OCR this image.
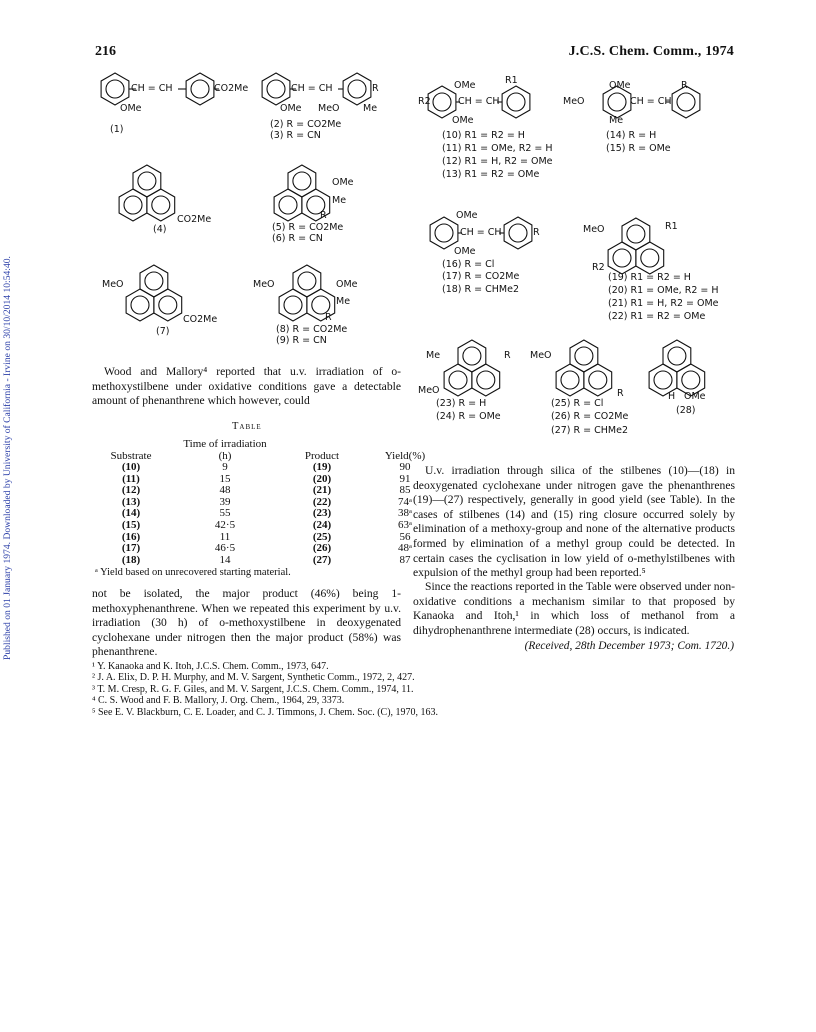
Published on 01 January 1974. Downloaded by University of California - Irvine on 30/10/2014 10:54:40.
216	J.C.S. Chem. Comm., 1974
CH = CH	CO2Me
OMe
(1)
CH = CH	R
OMe MeO Me
(2) R = CO2Me
(3) R = CN
CO2Me
(4)
OMe
Me
R
(5) R = CO2Me
(6) R = CN
MeO
CO2Me
(7)
MeO	OMe
Me
R
(8) R = CO2Me
(9) R = CN
OMe	R1
R2	CH = CH
OMe
(10) R1 = R2 = H
(11) R1 = OMe, R2 = H
(12) R1 = H, R2 = OMe
(13) R1 = R2 = OMe
OMe	R
MeO	CH = CH
Me
(14) R = H
(15) R = OMe
OMe
CH = CH	R
OMe
(16) R = Cl
(17) R = CO2Me
(18) R = CHMe2
MeO	R1
R2
(19) R1 = R2 = H
(20) R1 = OMe, R2 = H
(21) R1 = H, R2 = OMe
(22) R1 = R2 = OMe
Me	R
MeO
(23) R = H
(24) R = OMe
MeO
R
(25) R = Cl
(26) R = CO2Me
(27) R = CHMe2
H OMe
(28)
Wood and Mallory⁴ reported that u.v. irradiation of o-methoxystilbene under oxidative conditions gave a detectable amount of phenanthrene which however, could
Table
Substrate	Time of irradiation (h)	Product	Yield(%)
(10)	9	(19)	90
(11)	15	(20)	91
(12)	48	(21)	85
(13)	39	(22)	74ᵃ
(14)	55	(23)	38ᵃ
(15)	42·5	(24)	63ᵃ
(16)	11	(25)	56
(17)	46·5	(26)	48ᵃ
(18)	14	(27)	87
ᵃ Yield based on unrecovered starting material.
not be isolated, the major product (46%) being 1-methoxyphenanthrene. When we repeated this experiment by u.v. irradiation (30 h) of o-methoxystilbene in deoxygenated cyclohexane under nitrogen then the major product (58%) was phenanthrene.
U.v. irradiation through silica of the stilbenes (10)—(18) in deoxygenated cyclohexane under nitrogen gave the phenanthrenes (19)—(27) respectively, generally in good yield (see Table). In the cases of stilbenes (14) and (15) ring closure occurred solely by elimination of a methoxy-group and none of the alternative products formed by elimination of a methyl group could be detected. In certain cases the cyclisation in low yield of o-methylstilbenes with expulsion of the methyl group had been reported.⁵
Since the reactions reported in the Table were observed under non-oxidative conditions a mechanism similar to that proposed by Kanaoka and Itoh,¹ in which loss of methanol from a dihydrophenanthrene intermediate (28) occurs, is indicated.
(Received, 28th December 1973; Com. 1720.)
¹ Y. Kanaoka and K. Itoh, J.C.S. Chem. Comm., 1973, 647.
² J. A. Elix, D. P. H. Murphy, and M. V. Sargent, Synthetic Comm., 1972, 2, 427.
³ T. M. Cresp, R. G. F. Giles, and M. V. Sargent, J.C.S. Chem. Comm., 1974, 11.
⁴ C. S. Wood and F. B. Mallory, J. Org. Chem., 1964, 29, 3373.
⁵ See E. V. Blackburn, C. E. Loader, and C. J. Timmons, J. Chem. Soc. (C), 1970, 163.
